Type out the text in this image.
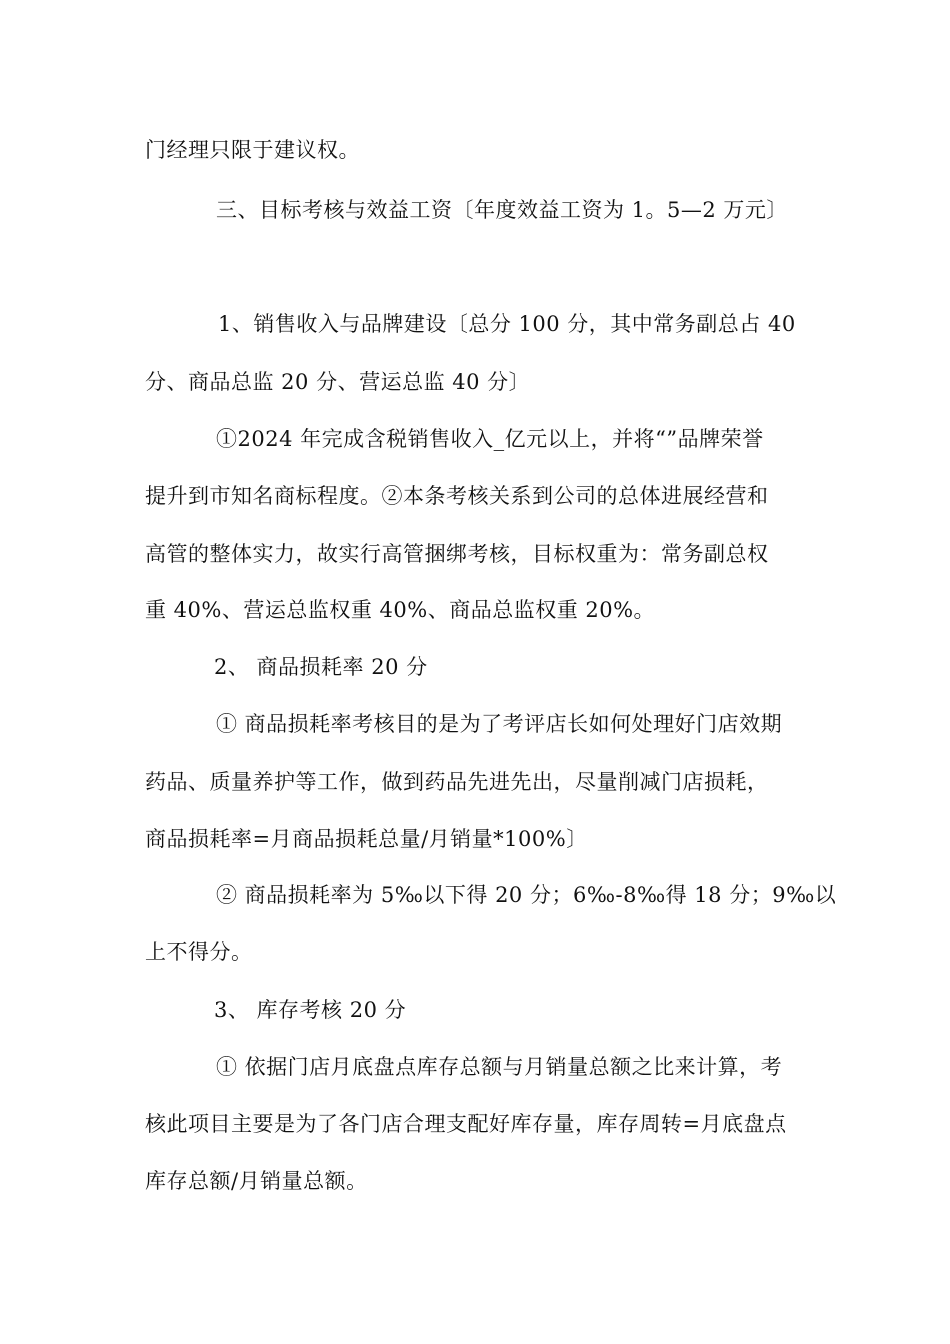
门经理只限于建议权。
三、目标考核与效益工资〔年度效益工资为 1。5—2 万元〕
1、销售收入与品牌建设〔总分 100 分，其中常务副总占 40
分、商品总监 20 分、营运总监 40 分〕
①2024 年完成含税销售收入_亿元以上，并将“”品牌荣誉
提升到市知名商标程度。②本条考核关系到公司的总体进展经营和
高管的整体实力，故实行高管捆绑考核，目标权重为：常务副总权
重 40%、营运总监权重 40%、商品总监权重 20%。
2、 商品损耗率 20 分
① 商品损耗率考核目的是为了考评店长如何处理好门店效期
药品、质量养护等工作，做到药品先进先出，尽量削减门店损耗，
商品损耗率=月商品损耗总量/月销量*100%〕
② 商品损耗率为 5‰以下得 20 分；6‰-8‰得 18 分；9‰以
上不得分。
3、 库存考核 20 分
① 依据门店月底盘点库存总额与月销量总额之比来计算，考
核此项目主要是为了各门店合理支配好库存量，库存周转=月底盘点
库存总额/月销量总额。
